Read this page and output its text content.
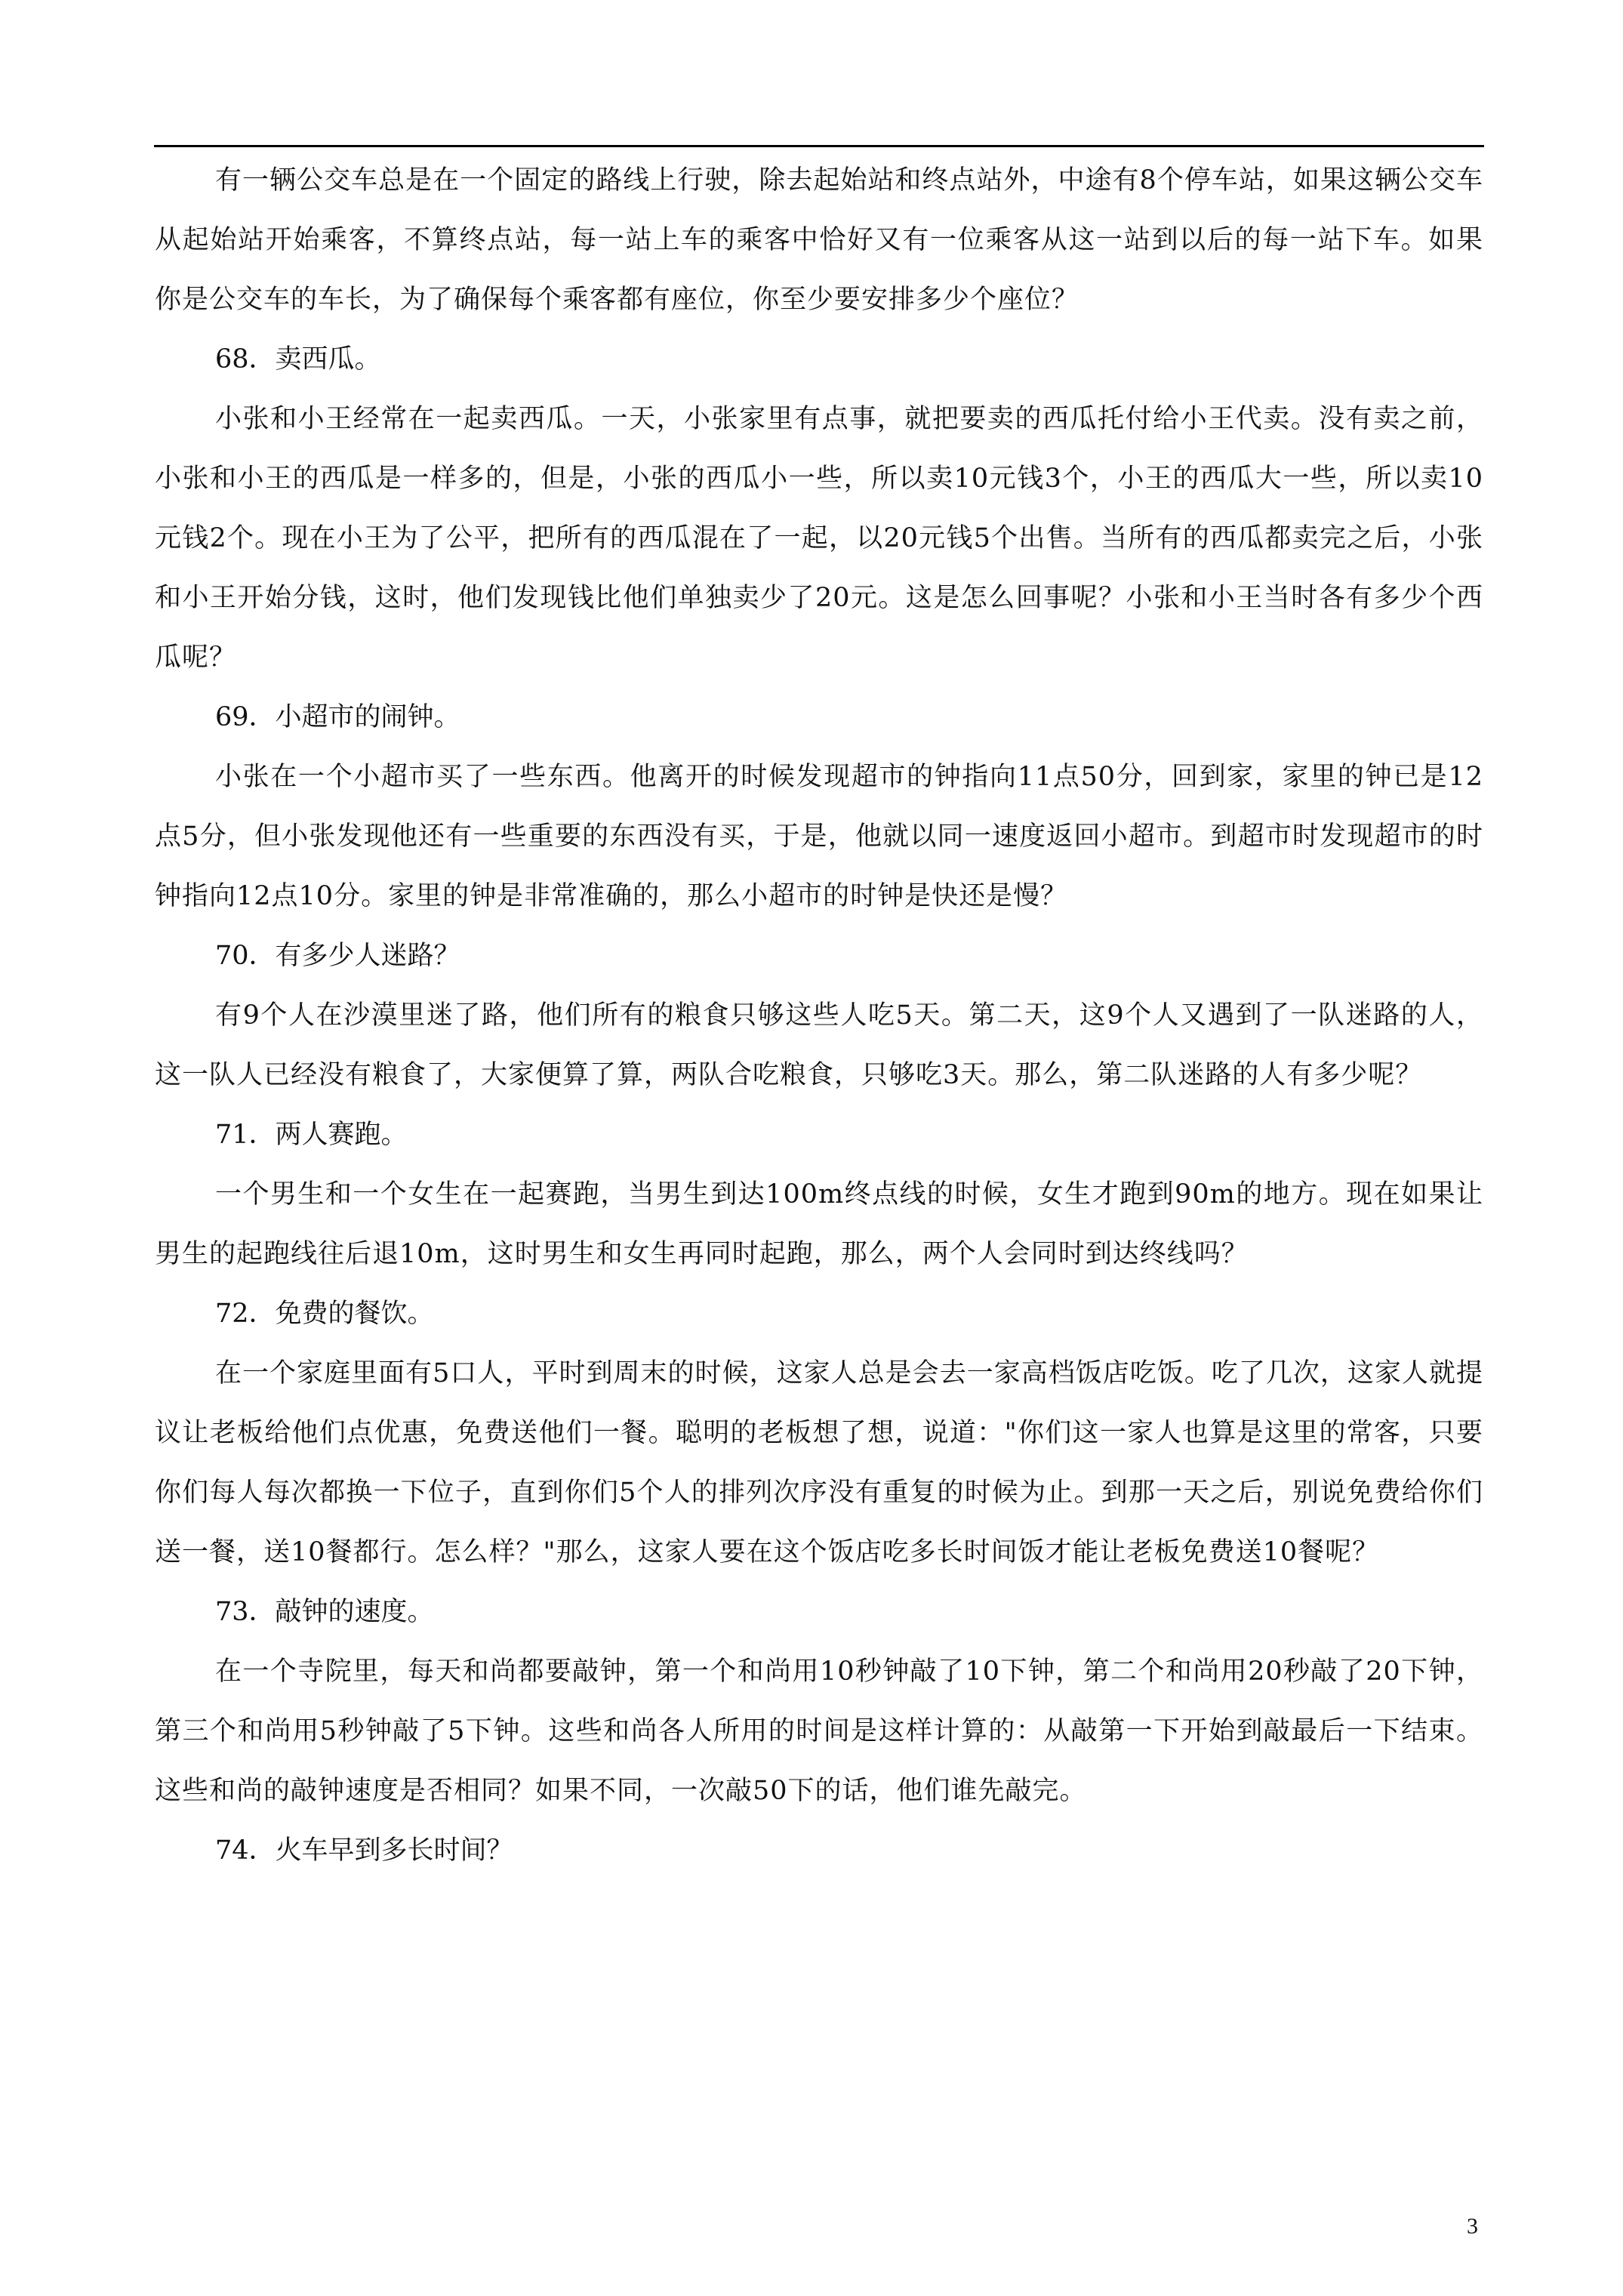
有一辆公交车总是在一个固定的路线上行驶，除去起始站和终点站外，中途有8个停车站，如果这辆公交车从起始站开始乘客，不算终点站，每一站上车的乘客中恰好又有一位乘客从这一站到以后的每一站下车。如果你是公交车的车长，为了确保每个乘客都有座位，你至少要安排多少个座位？

68．卖西瓜。

小张和小王经常在一起卖西瓜。一天，小张家里有点事，就把要卖的西瓜托付给小王代卖。没有卖之前，小张和小王的西瓜是一样多的，但是，小张的西瓜小一些，所以卖10元钱3个，小王的西瓜大一些，所以卖10元钱2个。现在小王为了公平，把所有的西瓜混在了一起，以20元钱5个出售。当所有的西瓜都卖完之后，小张和小王开始分钱，这时，他们发现钱比他们单独卖少了20元。这是怎么回事呢？小张和小王当时各有多少个西瓜呢？

69．小超市的闹钟。

小张在一个小超市买了一些东西。他离开的时候发现超市的钟指向11点50分，回到家，家里的钟已是12点5分，但小张发现他还有一些重要的东西没有买，于是，他就以同一速度返回小超市。到超市时发现超市的时钟指向12点10分。家里的钟是非常准确的，那么小超市的时钟是快还是慢？

70．有多少人迷路？

有9个人在沙漠里迷了路，他们所有的粮食只够这些人吃5天。第二天，这9个人又遇到了一队迷路的人，这一队人已经没有粮食了，大家便算了算，两队合吃粮食，只够吃3天。那么，第二队迷路的人有多少呢？

71．两人赛跑。

一个男生和一个女生在一起赛跑，当男生到达100m终点线的时候，女生才跑到90m的地方。现在如果让男生的起跑线往后退10m，这时男生和女生再同时起跑，那么，两个人会同时到达终线吗？

72．免费的餐饮。

在一个家庭里面有5口人，平时到周末的时候，这家人总是会去一家高档饭店吃饭。吃了几次，这家人就提议让老板给他们点优惠，免费送他们一餐。聪明的老板想了想，说道："你们这一家人也算是这里的常客，只要你们每人每次都换一下位子，直到你们5个人的排列次序没有重复的时候为止。到那一天之后，别说免费给你们送一餐，送10餐都行。怎么样？"那么，这家人要在这个饭店吃多长时间饭才能让老板免费送10餐呢？

73．敲钟的速度。

在一个寺院里，每天和尚都要敲钟，第一个和尚用10秒钟敲了10下钟，第二个和尚用20秒敲了20下钟，第三个和尚用5秒钟敲了5下钟。这些和尚各人所用的时间是这样计算的：从敲第一下开始到敲最后一下结束。这些和尚的敲钟速度是否相同？如果不同，一次敲50下的话，他们谁先敲完。

74．火车早到多长时间？

3
